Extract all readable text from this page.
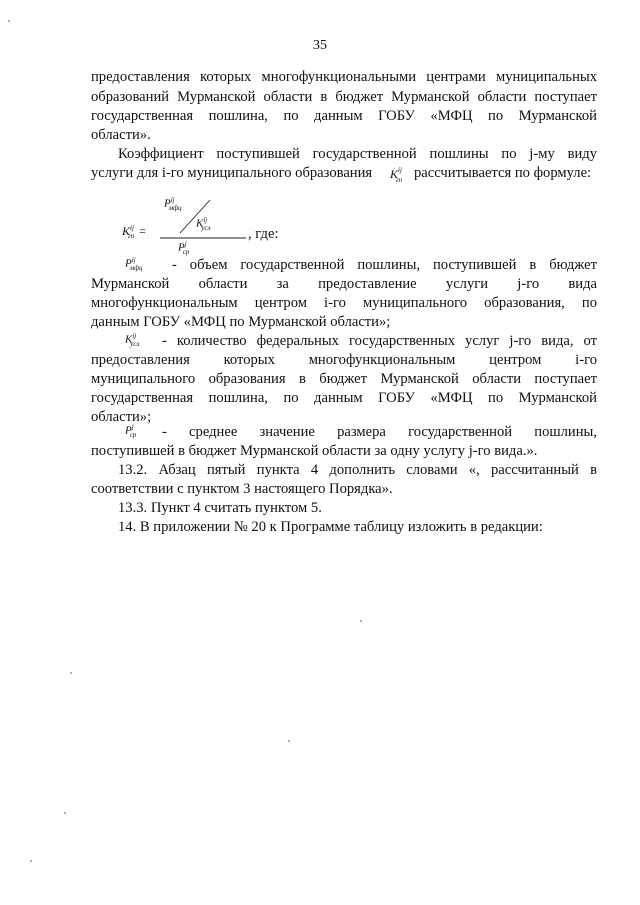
35
предоставления которых многофункциональными центрами муниципальных
образований Мурманской области в бюджет Мурманской области поступает
государственная пошлина, по данным ГОБУ «МФЦ по Мурманской
области».
Коэффициент поступившей государственной пошлины по j-му виду
услуги для i-го муниципального образования $K^{ij}_{гп}$ рассчитывается по формуле:
$K^{ij}_{гп}$ =
$P^{ij}_{мфц}$
$K^{ij}_{усл}$
$P^j_{ср}$
, где:
$P^{ij}_{мфц}$ - объем государственной пошлины, поступившей в бюджет
Мурманской области за предоставление услуги j-го вида
многофункциональным центром i-го муниципального образования, по
данным ГОБУ «МФЦ по Мурманской области»;
$K^{ij}_{усл}$ - количество федеральных государственных услуг j-го вида, от
предоставления которых многофункциональным центром i-го
муниципального образования в бюджет Мурманской области поступает
государственная пошлина, по данным ГОБУ «МФЦ по Мурманской
области»;
$P^j_{ср}$ - среднее значение размера государственной пошлины,
поступившей в бюджет Мурманской области за одну услугу j-го вида.».
13.2. Абзац пятый пункта 4 дополнить словами «, рассчитанный в
соответствии с пунктом 3 настоящего Порядка».
13.3. Пункт 4 считать пунктом 5.
14. В приложении № 20 к Программе таблицу изложить в редакции:
